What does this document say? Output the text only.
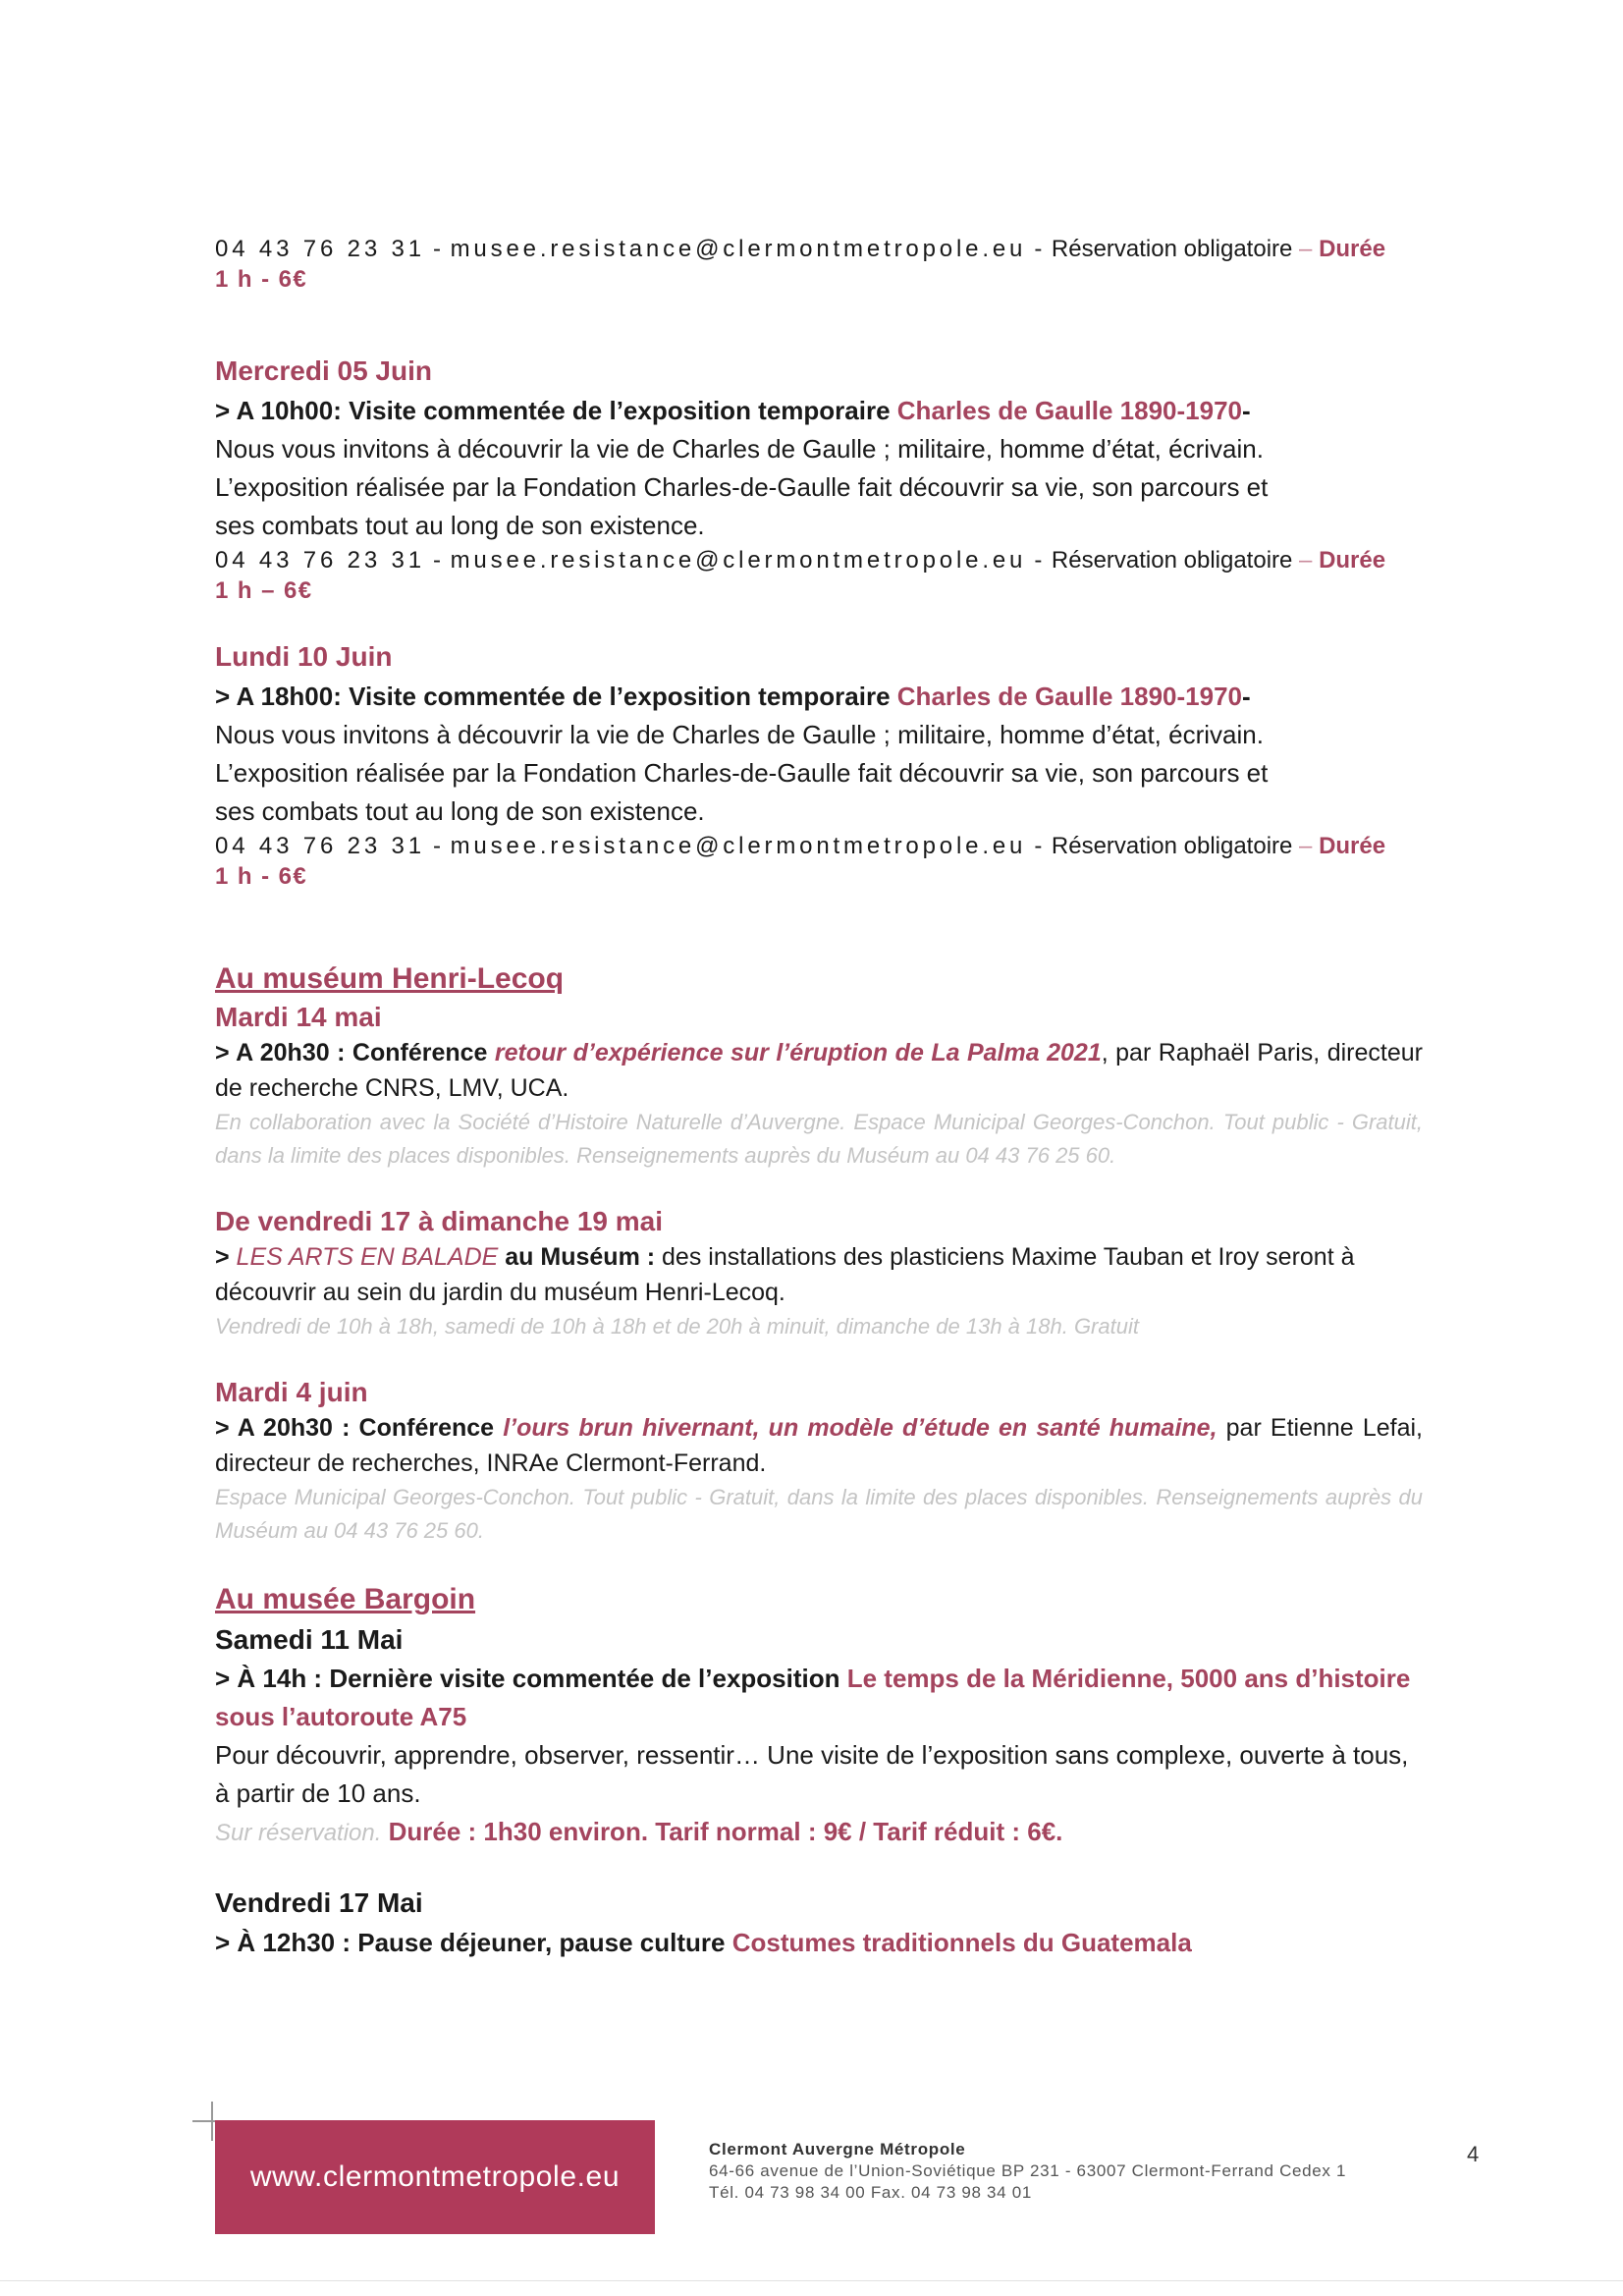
04 43 76 23 31 - musee.resistance@clermontmetropole.eu - Réservation obligatoire – Durée
1 h - 6€
Mercredi 05 Juin
> A 10h00: Visite commentée de l’exposition temporaire Charles de Gaulle 1890-1970-
Nous vous invitons à découvrir la vie de Charles de Gaulle ; militaire, homme d’état, écrivain.
L’exposition réalisée par la Fondation Charles-de-Gaulle fait découvrir sa vie, son parcours et
ses combats tout au long de son existence.
04 43 76 23 31 - musee.resistance@clermontmetropole.eu - Réservation obligatoire – Durée
1 h – 6€
Lundi 10 Juin
> A 18h00: Visite commentée de l’exposition temporaire Charles de Gaulle 1890-1970-
Nous vous invitons à découvrir la vie de Charles de Gaulle ; militaire, homme d’état, écrivain.
L’exposition réalisée par la Fondation Charles-de-Gaulle fait découvrir sa vie, son parcours et
ses combats tout au long de son existence.
04 43 76 23 31 - musee.resistance@clermontmetropole.eu - Réservation obligatoire – Durée
1 h - 6€
Au muséum Henri-Lecoq
Mardi 14 mai
> A 20h30 : Conférence retour d’expérience sur l’éruption de La Palma 2021, par Raphaël Paris, directeur de recherche CNRS, LMV, UCA.
En collaboration avec la Société d’Histoire Naturelle d’Auvergne. Espace Municipal Georges-Conchon. Tout public - Gratuit, dans la limite des places disponibles. Renseignements auprès du Muséum au 04 43 76 25 60.
De vendredi 17 à dimanche 19 mai
> LES ARTS EN BALADE au Muséum : des installations des plasticiens Maxime Tauban et Iroy seront à découvrir au sein du jardin du muséum Henri-Lecoq.
Vendredi de 10h à 18h, samedi de 10h à 18h et de 20h à minuit, dimanche de 13h à 18h. Gratuit
Mardi 4 juin
> A 20h30 : Conférence l’ours brun hivernant, un modèle d’étude en santé humaine, par Etienne Lefai, directeur de recherches, INRAe Clermont-Ferrand.
Espace Municipal Georges-Conchon. Tout public - Gratuit, dans la limite des places disponibles. Renseignements auprès du Muséum au 04 43 76 25 60.
Au musée Bargoin
Samedi 11 Mai
> À 14h : Dernière visite commentée de l’exposition Le temps de la Méridienne, 5000 ans d’histoire sous l’autoroute A75
Pour découvrir, apprendre, observer, ressentir… Une visite de l’exposition sans complexe, ouverte à tous, à partir de 10 ans.
Sur réservation. Durée : 1h30 environ. Tarif normal : 9€ / Tarif réduit : 6€.
Vendredi 17 Mai
> À 12h30 : Pause déjeuner, pause culture Costumes traditionnels du Guatemala
www.clermontmetropole.eu
Clermont Auvergne Métropole
64-66 avenue de l’Union-Soviétique BP 231 - 63007 Clermont-Ferrand Cedex 1
Tél. 04 73 98 34 00 Fax. 04 73 98 34 01
4
